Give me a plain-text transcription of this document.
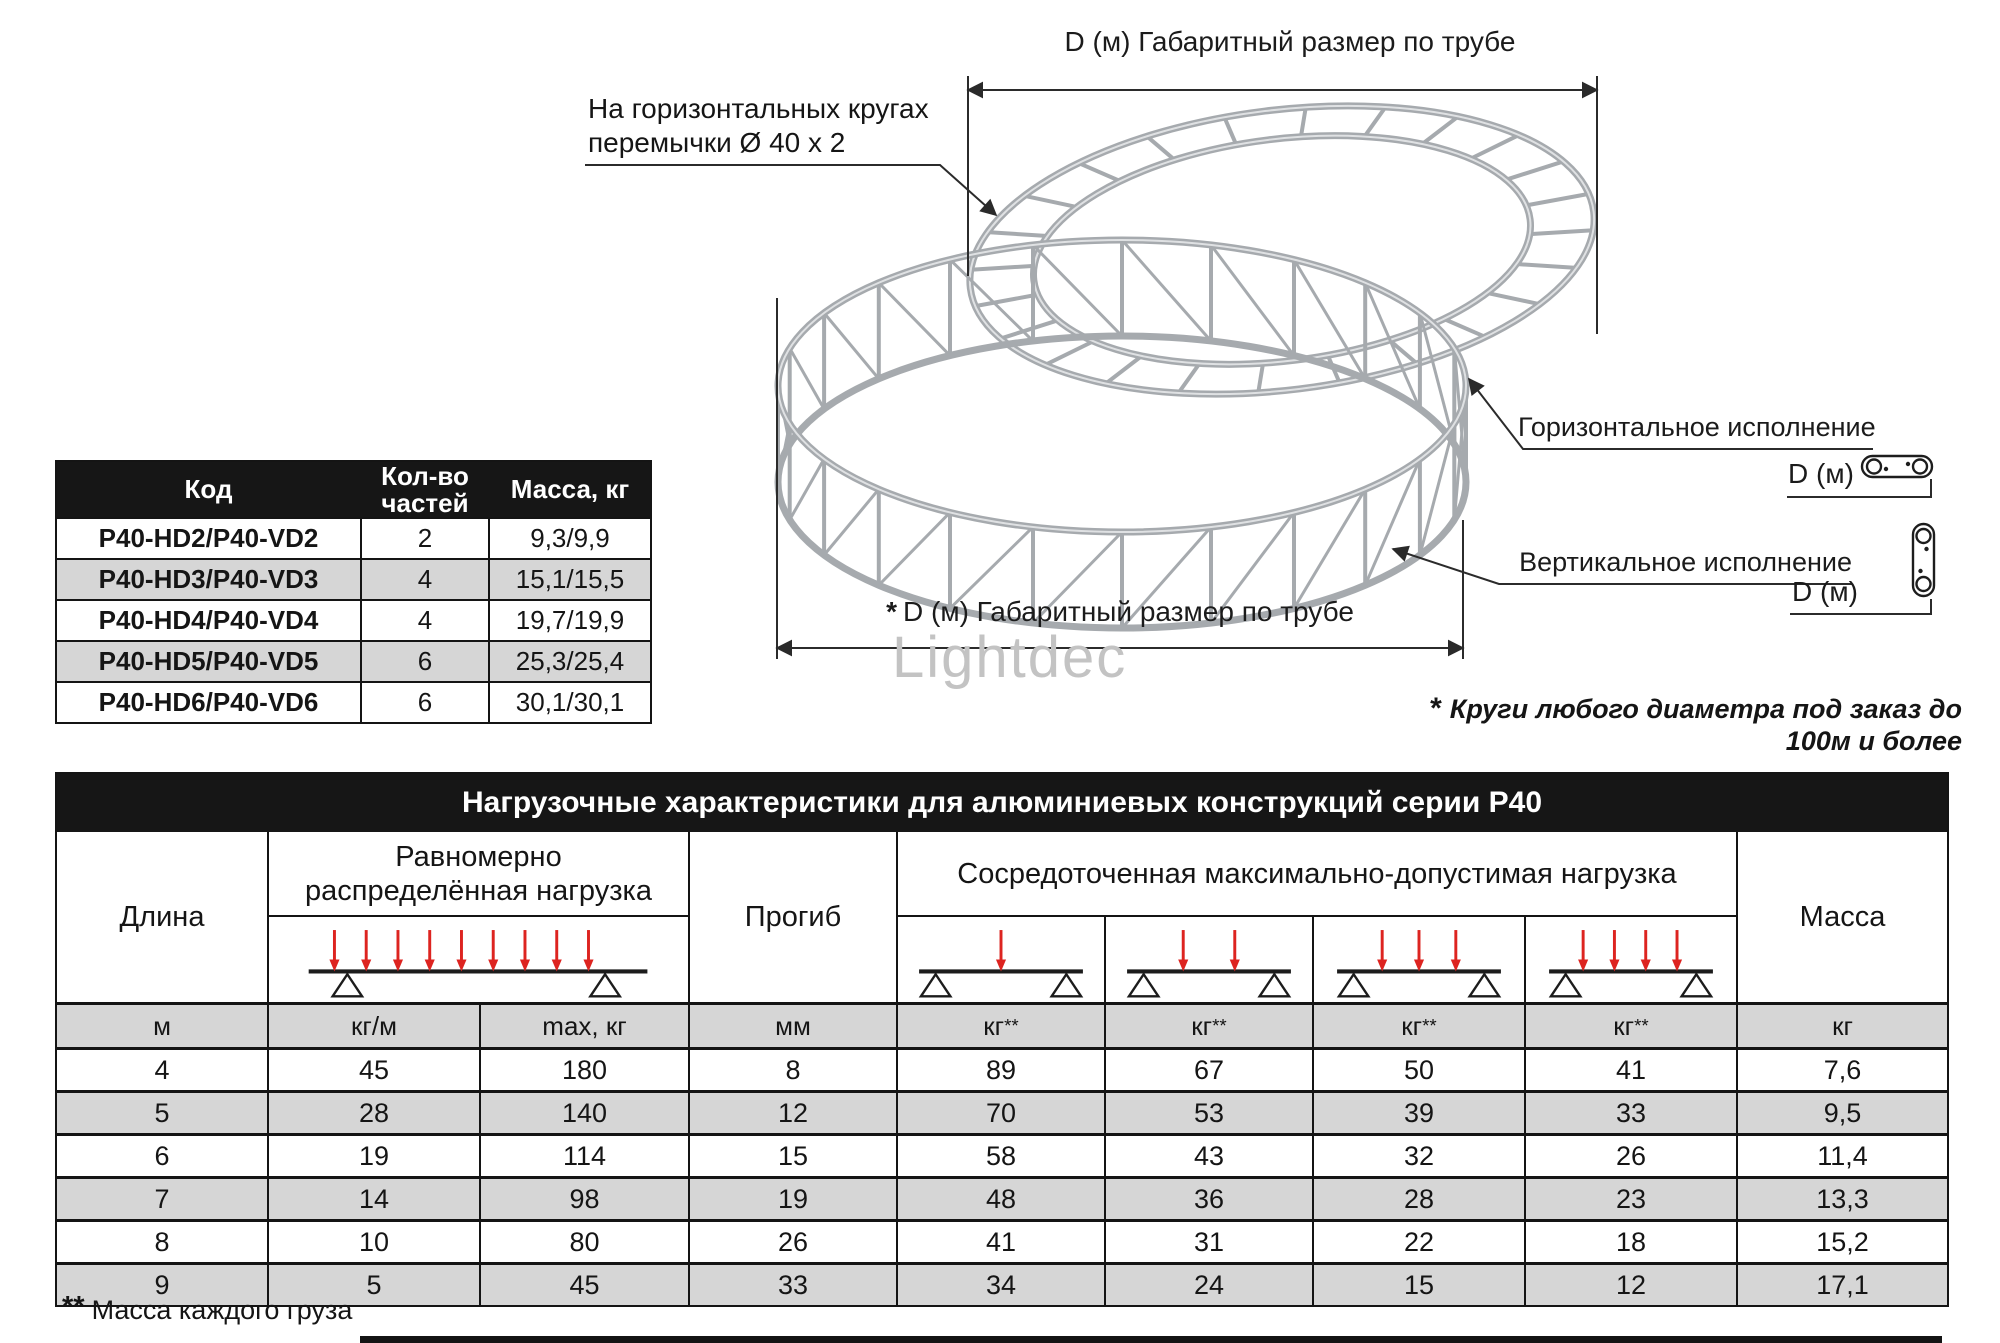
D (м) Габаритный размер по трубе
На горизонтальных кругах
перемычки Ø 40 x 2
Горизонтальное исполнение
D (м)
Вертикальное исполнение
D (м)
* D (м) Габаритный размер по трубе
Lightdec
* Круги любого диаметра под заказ до 100м и более
Код	Кол-во частей	Масса, кг
P40-HD2/P40-VD2	2	9,3/9,9
P40-HD3/P40-VD3	4	15,1/15,5
P40-HD4/P40-VD4	4	19,7/19,9
P40-HD5/P40-VD5	6	25,3/25,4
P40-HD6/P40-VD6	6	30,1/30,1
Нагрузочные характеристики для алюминиевых конструкций серии P40
Длина
Равномерно
распределённая нагрузка
Прогиб
Сосредоточенная максимально-допустимая нагрузка
Масса
м	кг/м	max, кг	мм	кг **	кг **	кг **	кг **	кг
4	45	180	8	89	67	50	41	7,6
5	28	140	12	70	53	39	33	9,5
6	19	114	15	58	43	32	26	11,4
7	14	98	19	48	36	28	23	13,3
8	10	80	26	41	31	22	18	15,2
9	5	45	33	34	24	15	12	17,1
** Масса каждого груза
